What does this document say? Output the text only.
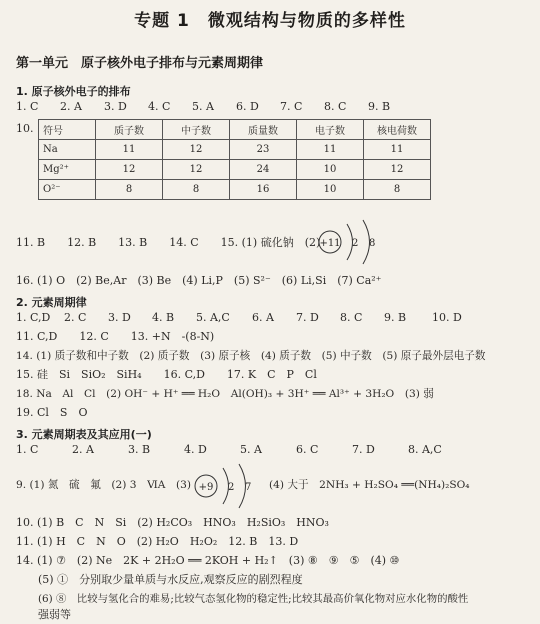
专题 1　微观结构与物质的多样性
第一单元　原子核外电子排布与元素周期律
1. 原子核外电子的排布
1. C 2. A 3. D 4. C 5. A 6. D 7. C 8. C 9. B
10. 符号	质子数	中子数	质量数	电子数	核电荷数
Na	11	12	23	11	11
Mg²⁺	12	12	24	10	12
O²⁻	8	8	16	10	8
11. B　　12. B　　13. B　　14. C　　15. (1) 硫化钠　(2) +11 2 8
16. (1) O　(2) Be,Ar　(3) Be　(4) Li,P　(5) S²⁻　(6) Li,Si　(7) Ca²⁺
2. 元素周期律
1. C,D 2. C 3. D 4. B 5. A,C 6. A 7. D 8. C 9. B 10. D
11. C,D　　12. C　　13. +N　-(8-N)
14. (1) 质子数和中子数　(2) 质子数　(3) 原子核　(4) 质子数　(5) 中子数　(5) 原子最外层电子数
15. 硅　Si　SiO₂　SiH₄　　16. C,D　　17. K　C　P　Cl
18. Na　Al　Cl　(2) OH⁻ + H⁺ ══ H₂O　Al(OH)₃ + 3H⁺ ══ Al³⁺ + 3H₂O　(3) 弱
19. Cl　S　O
3. 元素周期表及其应用(一)
1. C	2. A	3. B	4. D	5. A	6. C	7. D	8. A,C
9. (1) 氮　硫　氟　(2) 3　ⅥA　(3)	(4) 大于　2NH₃ + H₂SO₄ ══(NH₄)₂SO₄
+9 2 7
10. (1) B　C　N　Si　(2) H₂CO₃　HNO₃　H₂SiO₃　HNO₃
11. (1) H　C　N　O　(2) H₂O　H₂O₂　12. B　13. D
14. (1) ⑦　(2) Ne　2K + 2H₂O ══ 2KOH + H₂↑　(3) ⑧　⑨　⑤　(4) ⑩
(5) ①　分别取少量单质与水反应,观察反应的剧烈程度
(6) ⑧　比较与氢化合的难易;比较气态氢化物的稳定性;比较其最高价氧化物对应水化物的酸性
强弱等
